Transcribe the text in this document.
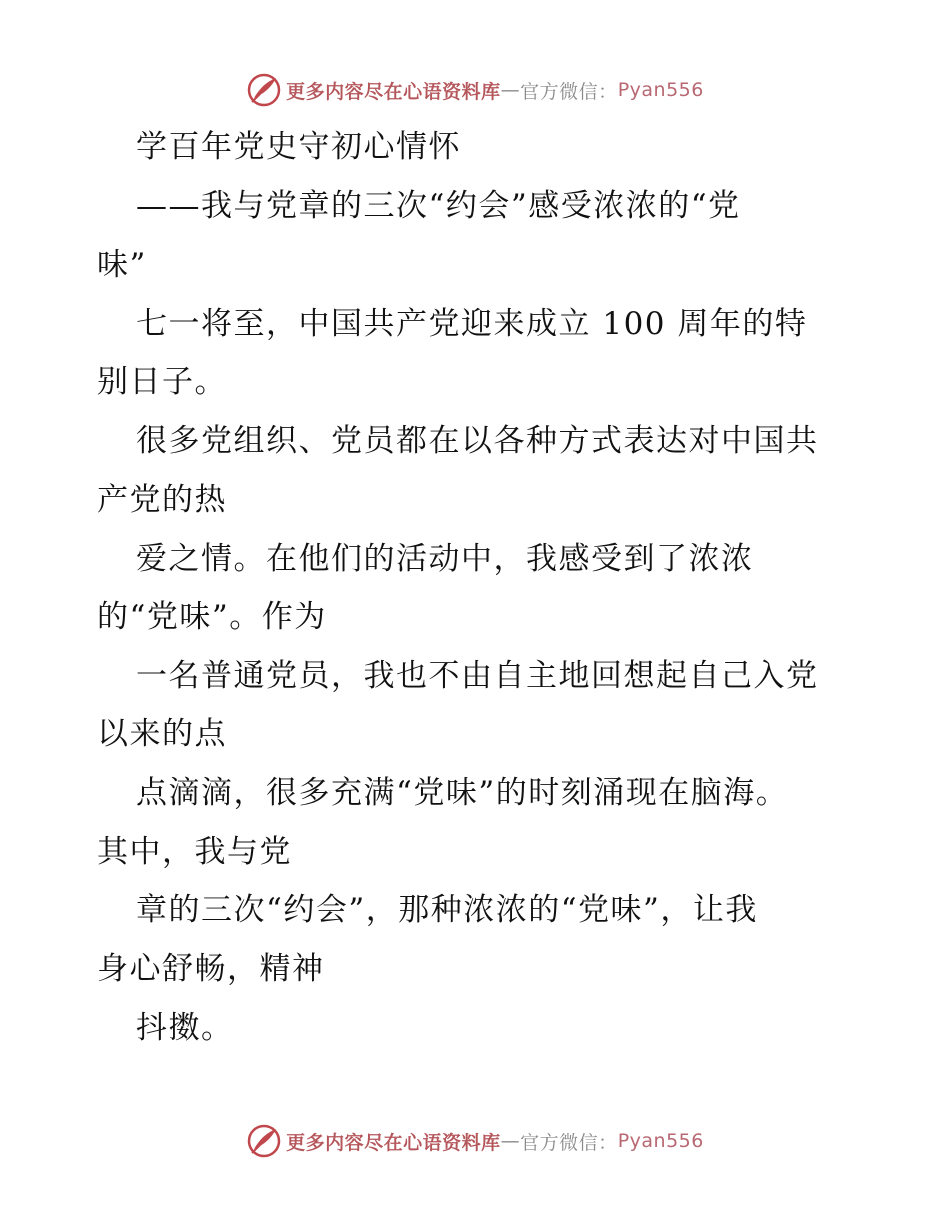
更多内容尽在心语资料库 — 官方微信： Pyan556
学百年党史守初心情怀
——我与党章的三次“约会”感受浓浓的“党
味”
七一将至，中国共产党迎来成立 100 周年的特
别日子。
很多党组织、党员都在以各种方式表达对中国共
产党的热
爱之情。在他们的活动中，我感受到了浓浓
的“党味”。作为
一名普通党员，我也不由自主地回想起自己入党
以来的点
点滴滴，很多充满“党味”的时刻涌现在脑海。
其中，我与党
章的三次“约会”，那种浓浓的“党味”，让我
身心舒畅，精神
抖擞。
更多内容尽在心语资料库 — 官方微信： Pyan556
